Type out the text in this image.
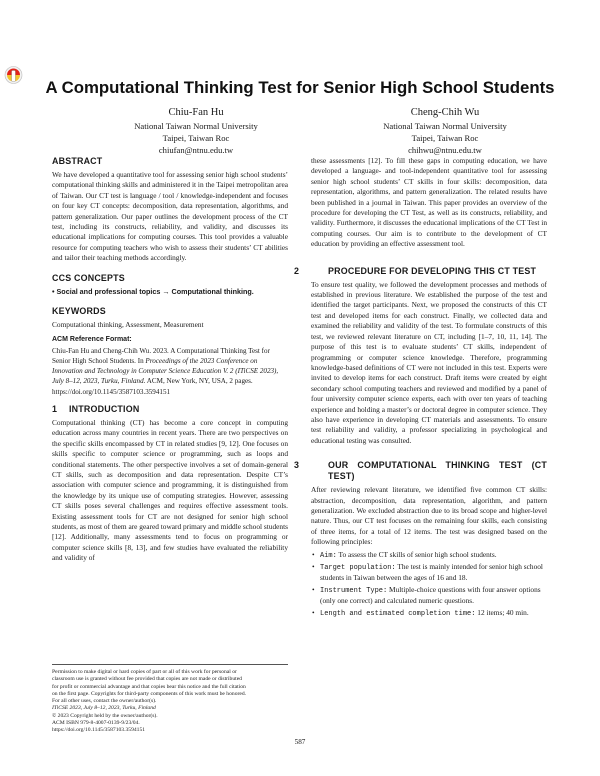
A Computational Thinking Test for Senior High School Students
Chiu-Fan Hu
National Taiwan Normal University
Taipei, Taiwan Roc
chiufan@ntnu.edu.tw
Cheng-Chih Wu
National Taiwan Normal University
Taipei, Taiwan Roc
chihwu@ntnu.edu.tw
ABSTRACT

We have developed a quantitative tool for assessing senior high school students’ computational thinking skills and administered it in the Taipei metropolitan area of Taiwan. Our CT test is language / tool / knowledge-independent and focuses on four key CT concepts: decomposition, data representation, algorithms, and pattern generalization. Our paper outlines the development process of the CT test, including its constructs, reliability, and validity, and discusses its educational implications for computing courses. This tool provides a valuable resource for computing teachers who wish to assess their students’ CT abilities and tailor their teaching methods accordingly.

CCS CONCEPTS

• Social and professional topics → Computational thinking.

KEYWORDS

Computational thinking, Assessment, Measurement

ACM Reference Format:

Chiu-Fan Hu and Cheng-Chih Wu. 2023. A Computational Thinking Test for Senior High School Students. In Proceedings of the 2023 Conference on Innovation and Technology in Computer Science Education V. 2 (ITiCSE 2023), July 8–12, 2023, Turku, Finland. ACM, New York, NY, USA, 2 pages. https://doi.org/10.1145/3587103.3594151

1 INTRODUCTION

Computational thinking (CT) has become a core concept in computing education across many countries in recent years. There are two perspectives on the specific skills encompassed by CT in related studies [9, 12]. One focuses on skills specific to computer science or programming, such as loops and conditional statements. The other perspective involves a set of domain-general CT skills, such as decomposition and data representation. Despite CT’s association with computer science and programming, it is distinguished from the knowledge by its unique use of computing strategies. However, assessing CT skills poses several challenges and requires effective assessment tools. Existing assessment tools for CT are not designed for senior high school students, as most of them are geared toward primary and middle school students [12]. Additionally, many assessments tend to focus on programming or computer science skills [8, 13], and few studies have evaluated the reliability and validity of

these assessments [12]. To fill these gaps in computing education, we have developed a language- and tool-independent quantitative tool for assessing senior high school students’ CT skills in four skills: decomposition, data representation, algorithms, and pattern generalization. The related results have been published in a journal in Taiwan. This paper provides an overview of the procedure for developing the CT Test, as well as its constructs, reliability, and validity. Furthermore, it discusses the educational implications of the CT Test in computing courses. Our aim is to contribute to the development of CT education by providing an effective assessment tool.

2	PROCEDURE FOR DEVELOPING THIS CT TEST

To ensure test quality, we followed the development processes and methods of established in previous literature. We established the purpose of the test and identified the target participants. Next, we proposed the constructs of this CT test and developed items for each construct. Finally, we collected data and examined the reliability and validity of the test. To formulate constructs of this test, we reviewed relevant literature on CT, including [1–7, 10, 11, 14]. The purpose of this test is to evaluate students’ CT skills, independent of programming or computer science knowledge. Therefore, programming knowledge-based definitions of CT were not included in this test. Experts were invited to develop items for each construct. Draft items were created by eight secondary school computing teachers and reviewed and modified by a panel of four university computer science experts, each with over ten years of teaching experience and holding a master’s or doctoral degree in computer science. They also have experience in developing CT materials and assessments. To ensure test reliability and validity, a professor specializing in psychological and educational testing was consulted.

3	OUR COMPUTATIONAL THINKING TEST (CT TEST)

After reviewing relevant literature, we identified five common CT skills: abstraction, decomposition, data representation, algorithm, and pattern generalization. We excluded abstraction due to its broad scope and higher-level nature. Thus, our CT test focuses on the remaining four skills, each consisting of three items, for a total of 12 items. The test was designed based on the following principles:

• Aim: To assess the CT skills of senior high school students.
• Target population: The test is mainly intended for senior high school students in Taiwan between the ages of 16 and 18.
• Instrument Type: Multiple-choice questions with four answer options (only one correct) and calculated numeric questions.
• Length and estimated completion time: 12 items; 40 min.
Permission to make digital or hard copies of part or all of this work for personal or
classroom use is granted without fee provided that copies are not made or distributed
for profit or commercial advantage and that copies bear this notice and the full citation
on the first page. Copyrights for third-party components of this work must be honored.
For all other uses, contact the owner/author(s).
ITiCSE 2023, July 8–12, 2023, Turku, Finland
© 2023 Copyright held by the owner/author(s).
ACM ISBN 979-8-4007-0139-9/23/04.
https://doi.org/10.1145/3587103.3594151
587
